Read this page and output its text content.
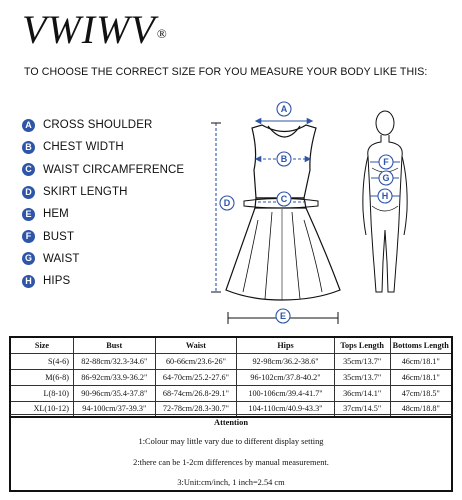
VWIWV®
TO CHOOSE THE CORRECT SIZE FOR YOU MEASURE YOUR BODY LIKE THIS:
A CROSS SHOULDER
B CHEST WIDTH
C WAIST CIRCAMFERENCE
D SKIRT LENGTH
E	HEM
F	BUST
G WAIST
H HIPS
A
B
C
D
E
F
G
H
Size	Bust	Waist	Hips	Tops Length	Bottoms Length
S(4-6)	82-88cm/32.3-34.6"	60-66cm/23.6-26"	92-98cm/36.2-38.6"	35cm/13.7"	46cm/18.1"
M(6-8)	86-92cm/33.9-36.2"	64-70cm/25.2-27.6"	96-102cm/37.8-40.2"	35cm/13.7"	46cm/18.1"
L(8-10)	90-96cm/35.4-37.8"	68-74cm/26.8-29.1"	100-106cm/39.4-41.7"	36cm/14.1"	47cm/18.5"
XL(10-12)	94-100cm/37-39.3"	72-78cm/28.3-30.7"	104-110cm/40.9-43.3"	37cm/14.5"	48cm/18.8"
Attention
1:Colour may little vary due to different display setting
2:there can be 1-2cm differences by manual measurement.
3:Unit:cm/inch, 1 inch=2.54 cm
